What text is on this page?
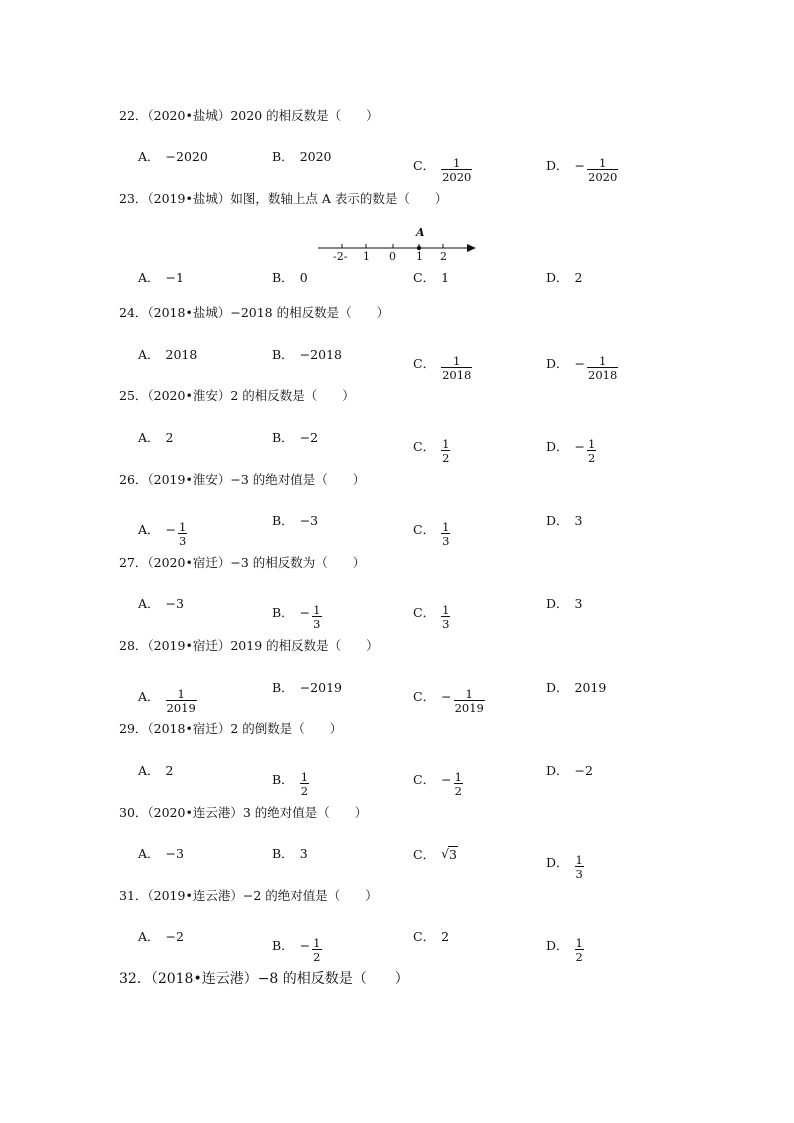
22．（2020•盐城）2020 的相反数是（　　）
A． −2020	B． 2020
C． $\frac{1}{2020}$	D． − $\frac{1}{2020}$
23．（2019•盐城）如图，数轴上点 A 表示的数是（　　）
A
-2- 1 0 1 2
A． −1	B． 0	C． 1	D． 2
24．（2018•盐城）−2018 的相反数是（　　）
A． 2018	B． −2018
C． $\frac{1}{2018}$	D． − $\frac{1}{2018}$
25．（2020•淮安）2 的相反数是（　　）
A． 2	B． −2
C． $\frac{1}{2}$	D． − $\frac{1}{2}$
26．（2019•淮安）−3 的绝对值是（　　）
A． − $\frac{1}{3}$
B． −3
C． $\frac{1}{3}$
D． 3
27．（2020•宿迁）−3 的相反数为（　　）
A． −3
B． − $\frac{1}{3}$	C． $\frac{1}{3}$
D． 3
28．（2019•宿迁）2019 的相反数是（　　）
A． $\frac{1}{2019}$
B． −2019
C． − $\frac{1}{2019}$
D． 2019
29．（2018•宿迁）2 的倒数是（　　）
A． 2
B． $\frac{1}{2}$	C． − $\frac{1}{2}$
D． −2
30．（2020•连云港）3 的绝对值是（　　）
A． −3	B． 3	C． √ 3
D． $\frac{1}{3}$
31．（2019•连云港）−2 的绝对值是（　　）
A． −2
B． − $\frac{1}{2}$
C． 2
D． $\frac{1}{2}$
32．（2018•连云港）−8 的相反数是（　　）
